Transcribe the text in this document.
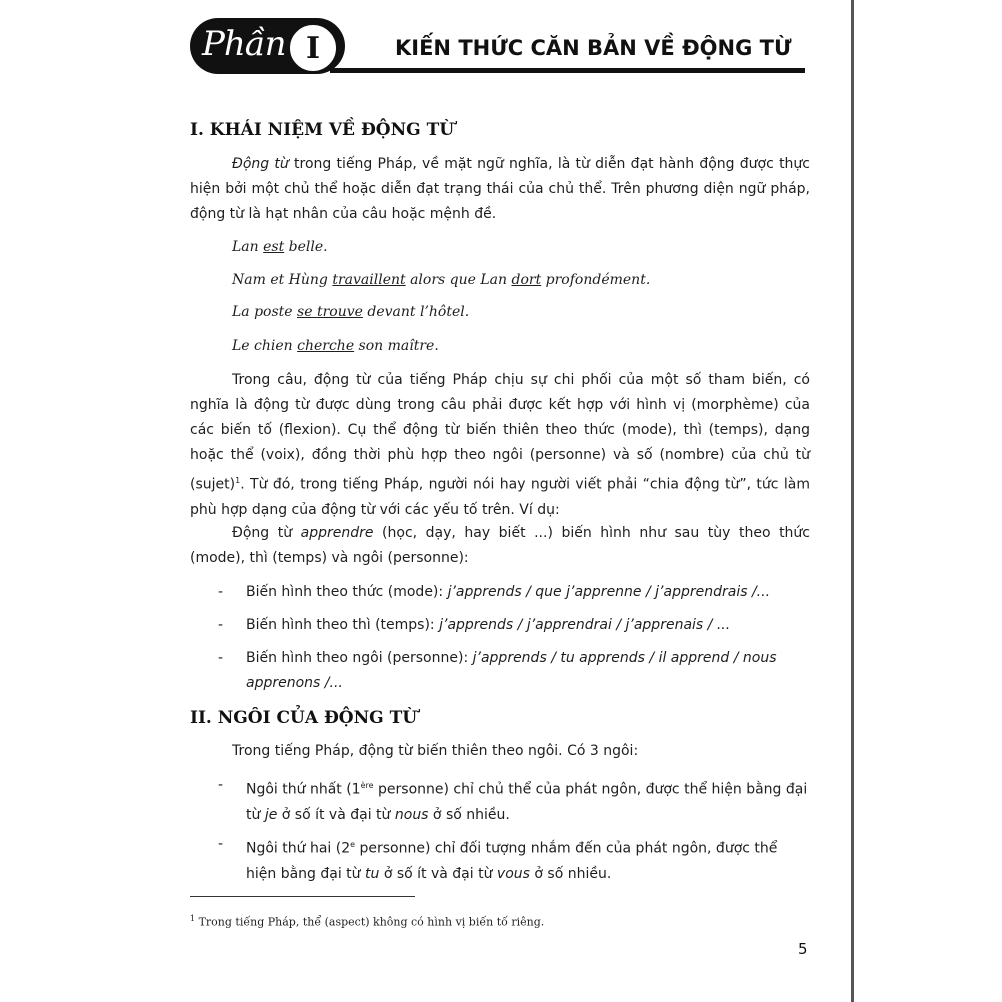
Phần I	KIẾN THỨC CĂN BẢN VỀ ĐỘNG TỪ
I. KHÁI NIỆM VỀ ĐỘNG TỪ
Động từ trong tiếng Pháp, về mặt ngữ nghĩa, là từ diễn đạt hành động được thực hiện bởi một chủ thể hoặc diễn đạt trạng thái của chủ thể. Trên phương diện ngữ pháp, động từ là hạt nhân của câu hoặc mệnh đề.
Lan est belle.
Nam et Hùng travaillent alors que Lan dort profondément.
La poste se trouve devant l’hôtel.
Le chien cherche son maître.
Trong câu, động từ của tiếng Pháp chịu sự chi phối của một số tham biến, có nghĩa là động từ được dùng trong câu phải được kết hợp với hình vị (morphème) của các biến tố (flexion). Cụ thể động từ biến thiên theo thức (mode), thì (temps), dạng hoặc thể (voix), đồng thời phù hợp theo ngôi (personne) và số (nombre) của chủ từ (sujet)$^1$. Từ đó, trong tiếng Pháp, người nói hay người viết phải “chia động từ”, tức làm phù hợp dạng của động từ với các yếu tố trên. Ví dụ:
Động từ apprendre (học, dạy, hay biết ...) biến hình như sau tùy theo thức (mode), thì (temps) và ngôi (personne):
- Biến hình theo thức (mode): j’apprends / que j’apprenne / j’apprendrais /...
- Biến hình theo thì (temps): j’apprends / j’apprendrai / j’apprenais / ...
- Biến hình theo ngôi (personne): j’apprends / tu apprends / il apprend / nous apprenons /...
II. NGÔI CỦA ĐỘNG TỪ
Trong tiếng Pháp, động từ biến thiên theo ngôi. Có 3 ngôi:
- Ngôi thứ nhất (1ère personne) chỉ chủ thể của phát ngôn, được thể hiện bằng đại từ je ở số ít và đại từ nous ở số nhiều.
- Ngôi thứ hai (2e personne) chỉ đối tượng nhắm đến của phát ngôn, được thể hiện bằng đại từ tu ở số ít và đại từ vous ở số nhiều.
$^1$ Trong tiếng Pháp, thể (aspect) không có hình vị biến tố riêng.
5
